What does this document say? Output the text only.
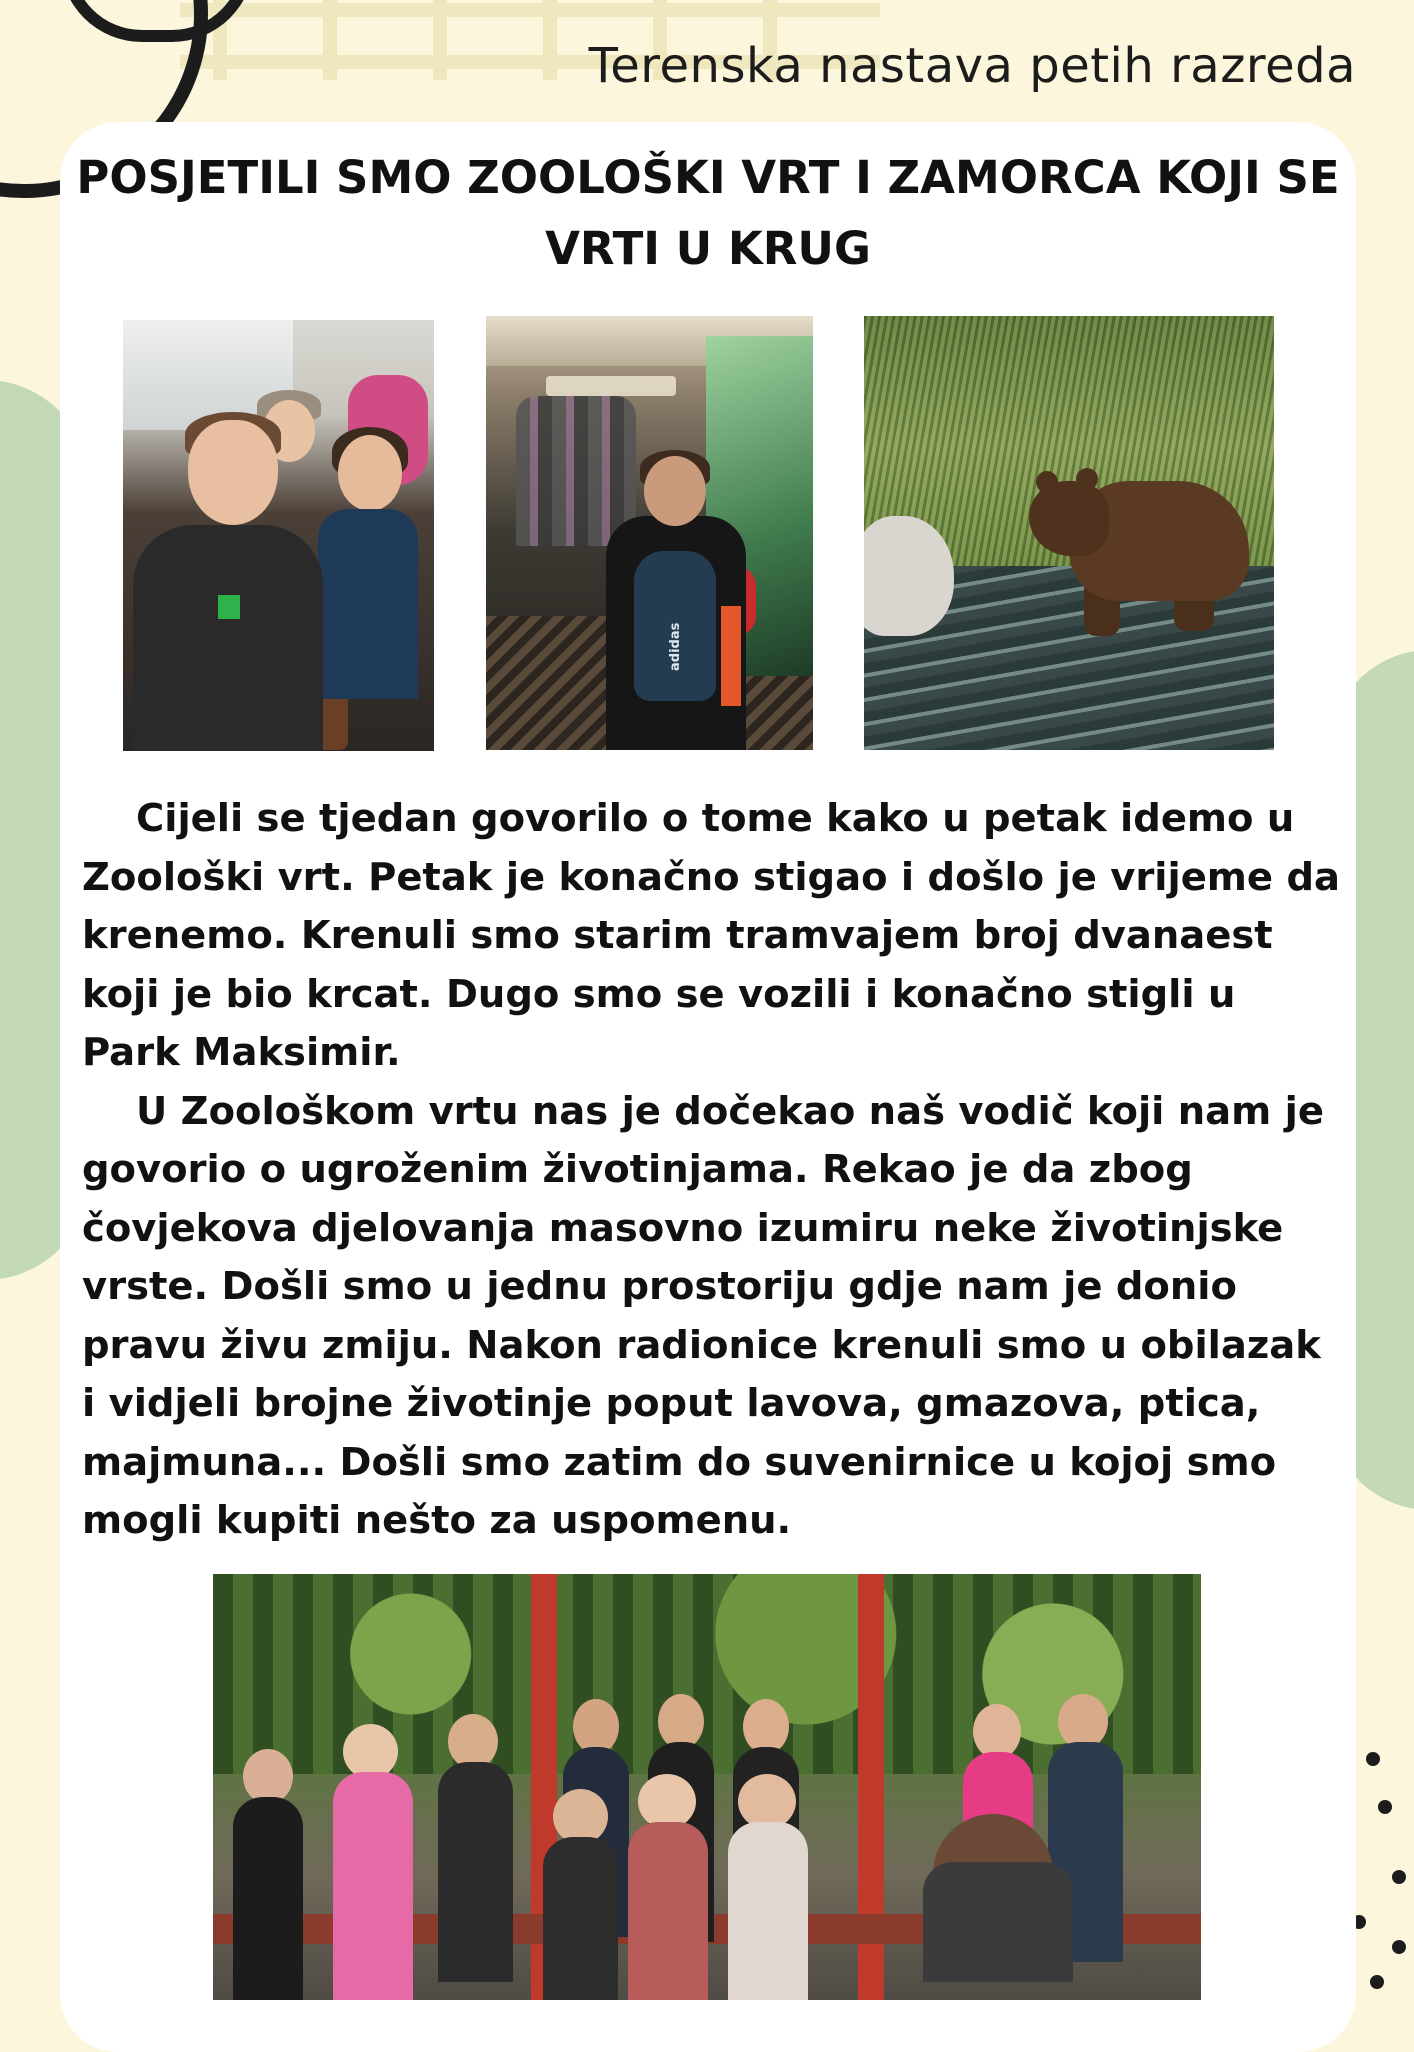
Terenska nastava petih razreda
POSJETILI SMO ZOOLOŠKI VRT I ZAMORCA KOJI SE VRTI U KRUG
adidas

Cijeli se tjedan govorilo o tome kako u petak idemo u Zoološki vrt. Petak je konačno stigao i došlo je vrijeme da krenemo. Krenuli smo starim tramvajem broj dvanaest koji je bio krcat. Dugo smo se vozili i konačno stigli u Park Maksimir.

U Zoološkom vrtu nas je dočekao naš vodič koji nam je govorio o ugroženim životinjama. Rekao je da zbog čovjekova djelovanja masovno izumiru neke životinjske vrste. Došli smo u jednu prostoriju gdje nam je donio pravu živu zmiju. Nakon radionice krenuli smo u obilazak i vidjeli brojne životinje poput lavova, gmazova, ptica, majmuna... Došli smo zatim do suvenirnice u kojoj smo mogli kupiti nešto za uspomenu.
